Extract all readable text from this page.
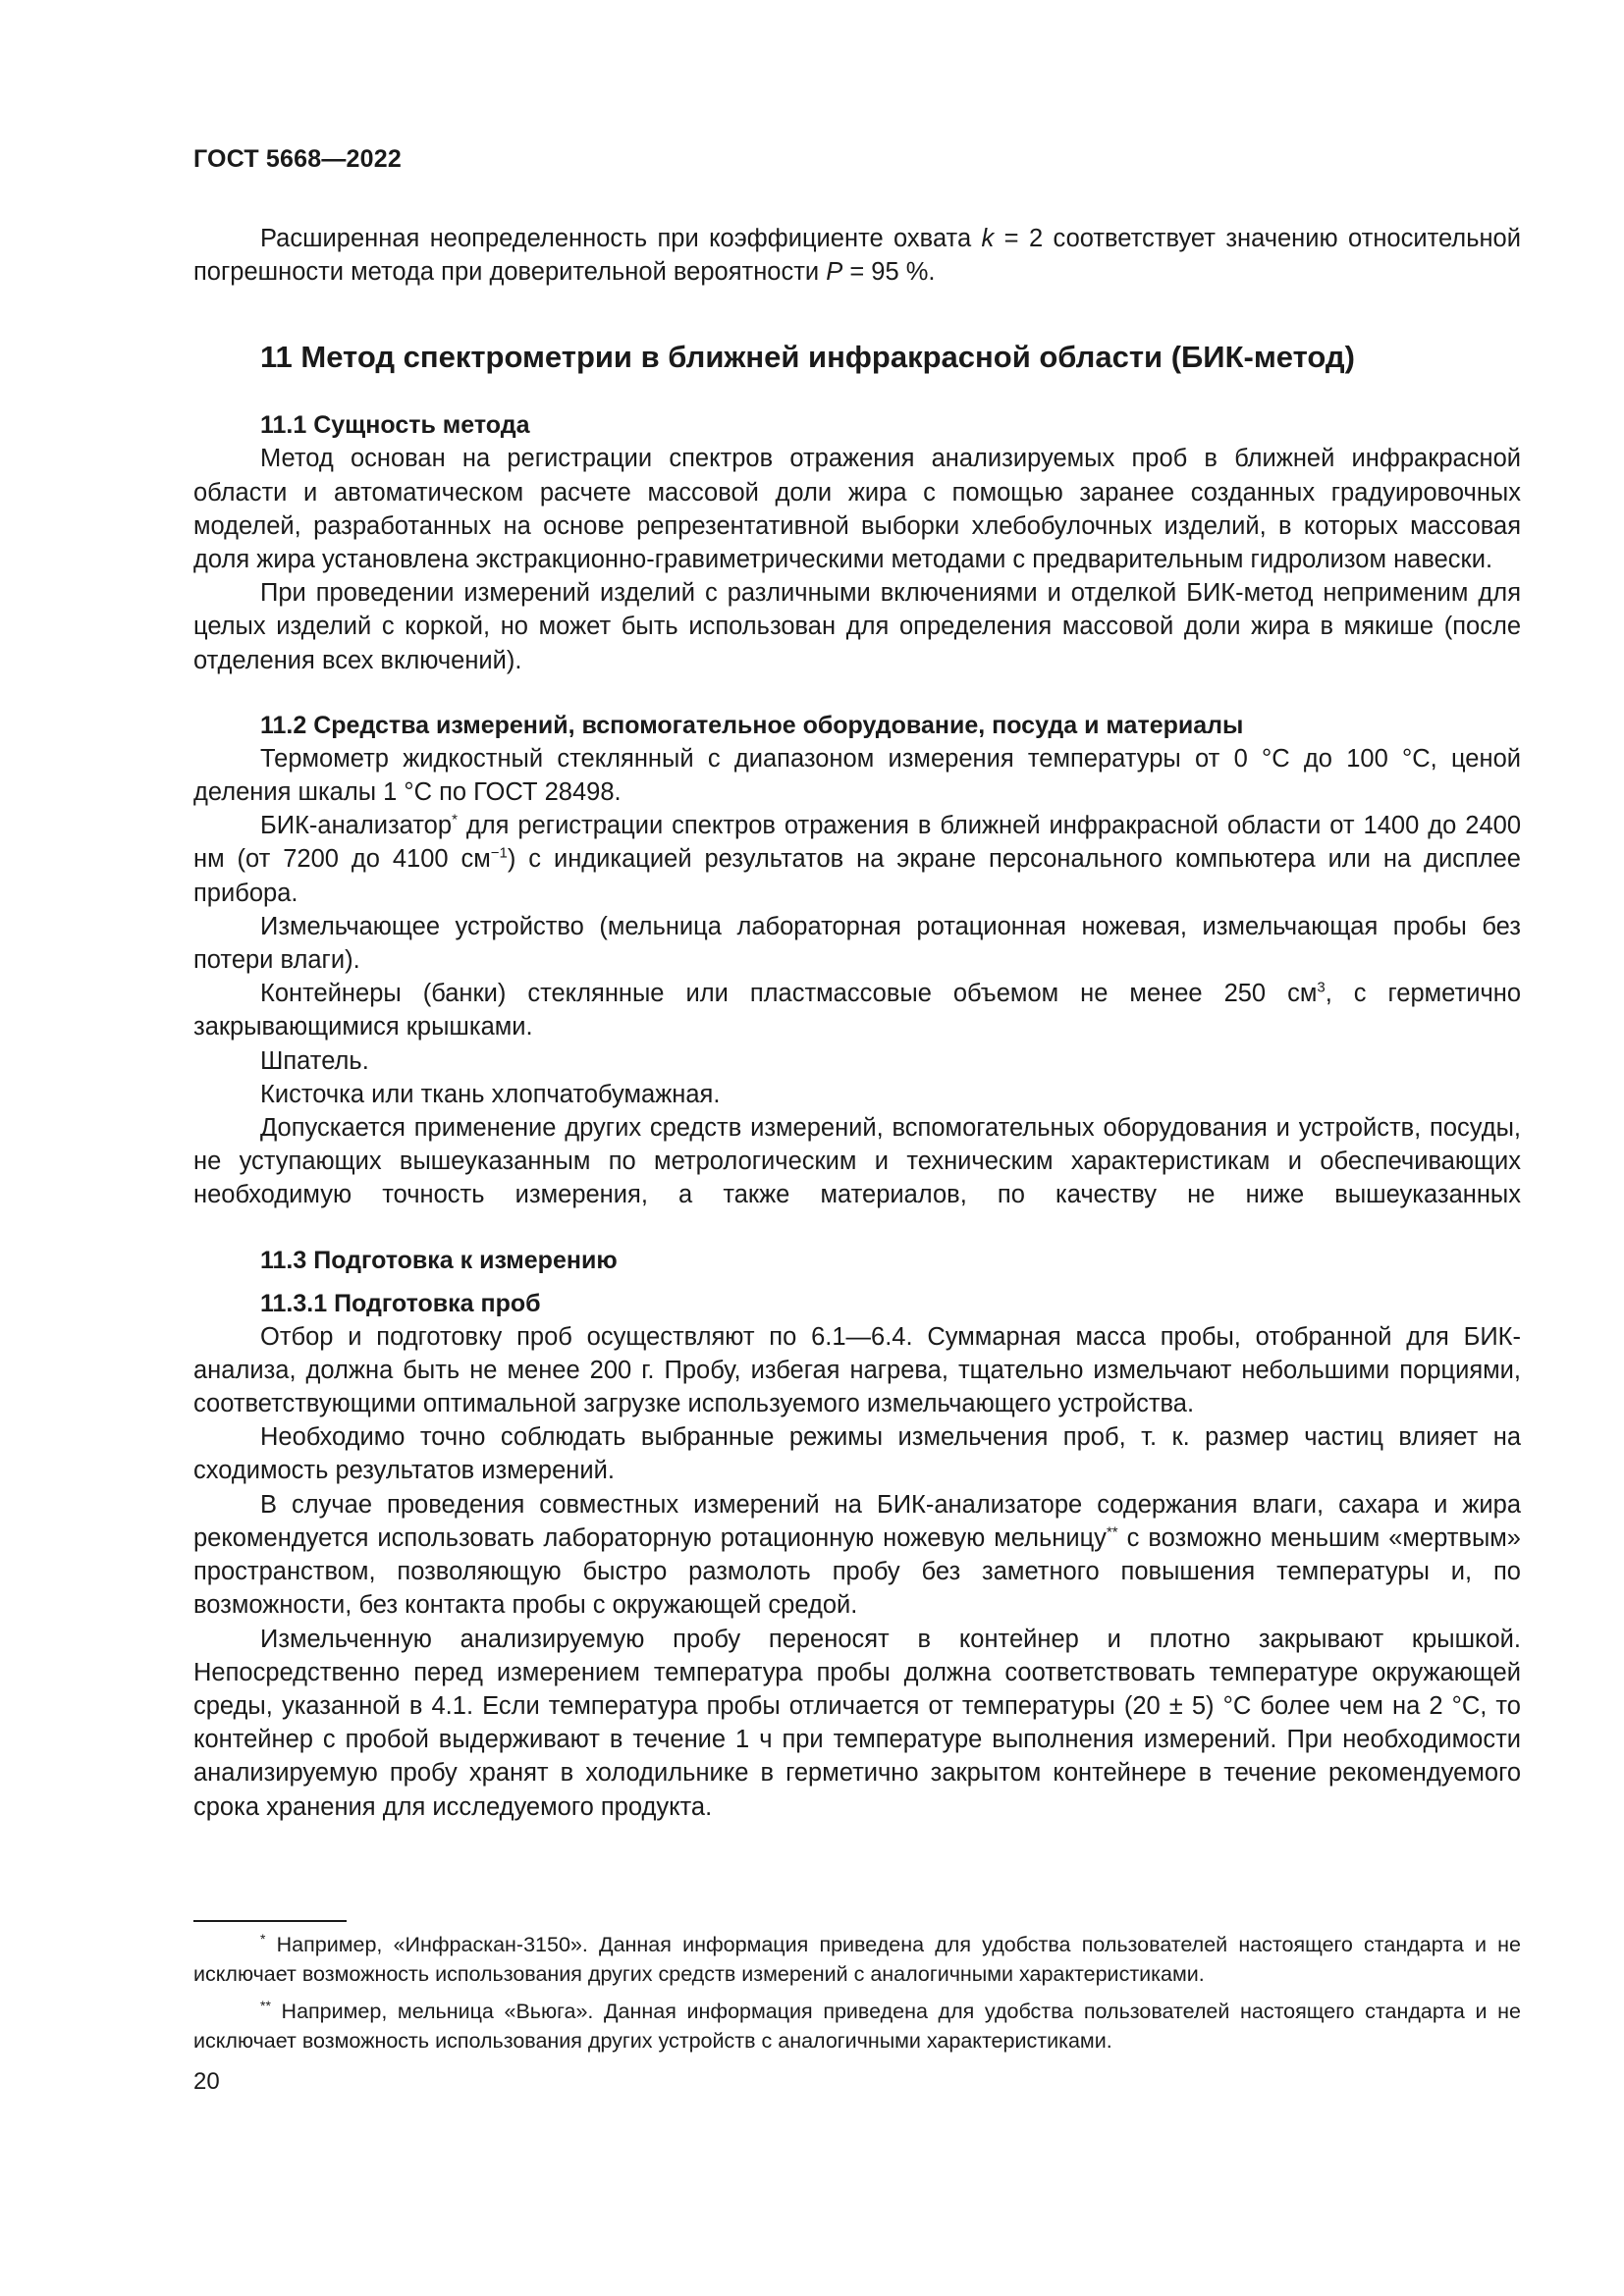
ГОСТ 5668—2022

Расширенная неопределенность при коэффициенте охвата k = 2 соответствует значению относительной погрешности метода при доверительной вероятности P = 95 %.

11 Метод спектрометрии в ближней инфракрасной области (БИК-метод)
11.1 Сущность метода

Метод основан на регистрации спектров отражения анализируемых проб в ближней инфракрасной области и автоматическом расчете массовой доли жира с помощью заранее созданных градуировочных моделей, разработанных на основе репрезентативной выборки хлебобулочных изделий, в которых массовая доля жира установлена экстракционно-гравиметрическими методами с предварительным гидролизом навески.

При проведении измерений изделий с различными включениями и отделкой БИК-метод неприменим для целых изделий с коркой, но может быть использован для определения массовой доли жира в мякише (после отделения всех включений).

11.2 Средства измерений, вспомогательное оборудование, посуда и материалы

Термометр жидкостный стеклянный с диапазоном измерения температуры от 0 °С до 100 °С, ценой деления шкалы 1 °С по ГОСТ 28498.

БИК-анализатор* для регистрации спектров отражения в ближней инфракрасной области от 1400 до 2400 нм (от 7200 до 4100 $см^{-1}$) с индикацией результатов на экране персонального компьютера или на дисплее прибора.

Измельчающее устройство (мельница лабораторная ротационная ножевая, измельчающая пробы без потери влаги).

Контейнеры (банки) стеклянные или пластмассовые объемом не менее 250 $см^3$, с герметично закрывающимися крышками.

Шпатель.

Кисточка или ткань хлопчатобумажная.

Допускается применение других средств измерений, вспомогательных оборудования и устройств, посуды, не уступающих вышеуказанным по метрологическим и техническим характеристикам и обеспечивающих необходимую точность измерения, а также материалов, по качеству не ниже вышеуказанных

11.3 Подготовка к измерению
11.3.1 Подготовка проб

Отбор и подготовку проб осуществляют по 6.1—6.4. Суммарная масса пробы, отобранной для БИК-анализа, должна быть не менее 200 г. Пробу, избегая нагрева, тщательно измельчают небольшими порциями, соответствующими оптимальной загрузке используемого измельчающего устройства.

Необходимо точно соблюдать выбранные режимы измельчения проб, т. к. размер частиц влияет на сходимость результатов измерений.

В случае проведения совместных измерений на БИК-анализаторе содержания влаги, сахара и жира рекомендуется использовать лабораторную ротационную ножевую мельницу** с возможно меньшим «мертвым» пространством, позволяющую быстро размолоть пробу без заметного повышения температуры и, по возможности, без контакта пробы с окружающей средой.

Измельченную анализируемую пробу переносят в контейнер и плотно закрывают крышкой. Непосредственно перед измерением температура пробы должна соответствовать температуре окружающей среды, указанной в 4.1. Если температура пробы отличается от температуры (20 ± 5) °С более чем на 2 °С, то контейнер с пробой выдерживают в течение 1 ч при температуре выполнения измерений. При необходимости анализируемую пробу хранят в холодильнике в герметично закрытом контейнере в течение рекомендуемого срока хранения для исследуемого продукта.

* Например, «Инфраскан-3150». Данная информация приведена для удобства пользователей настоящего стандарта и не исключает возможность использования других средств измерений с аналогичными характеристиками.

** Например, мельница «Вьюга». Данная информация приведена для удобства пользователей настоящего стандарта и не исключает возможность использования других устройств с аналогичными характеристиками.

20
